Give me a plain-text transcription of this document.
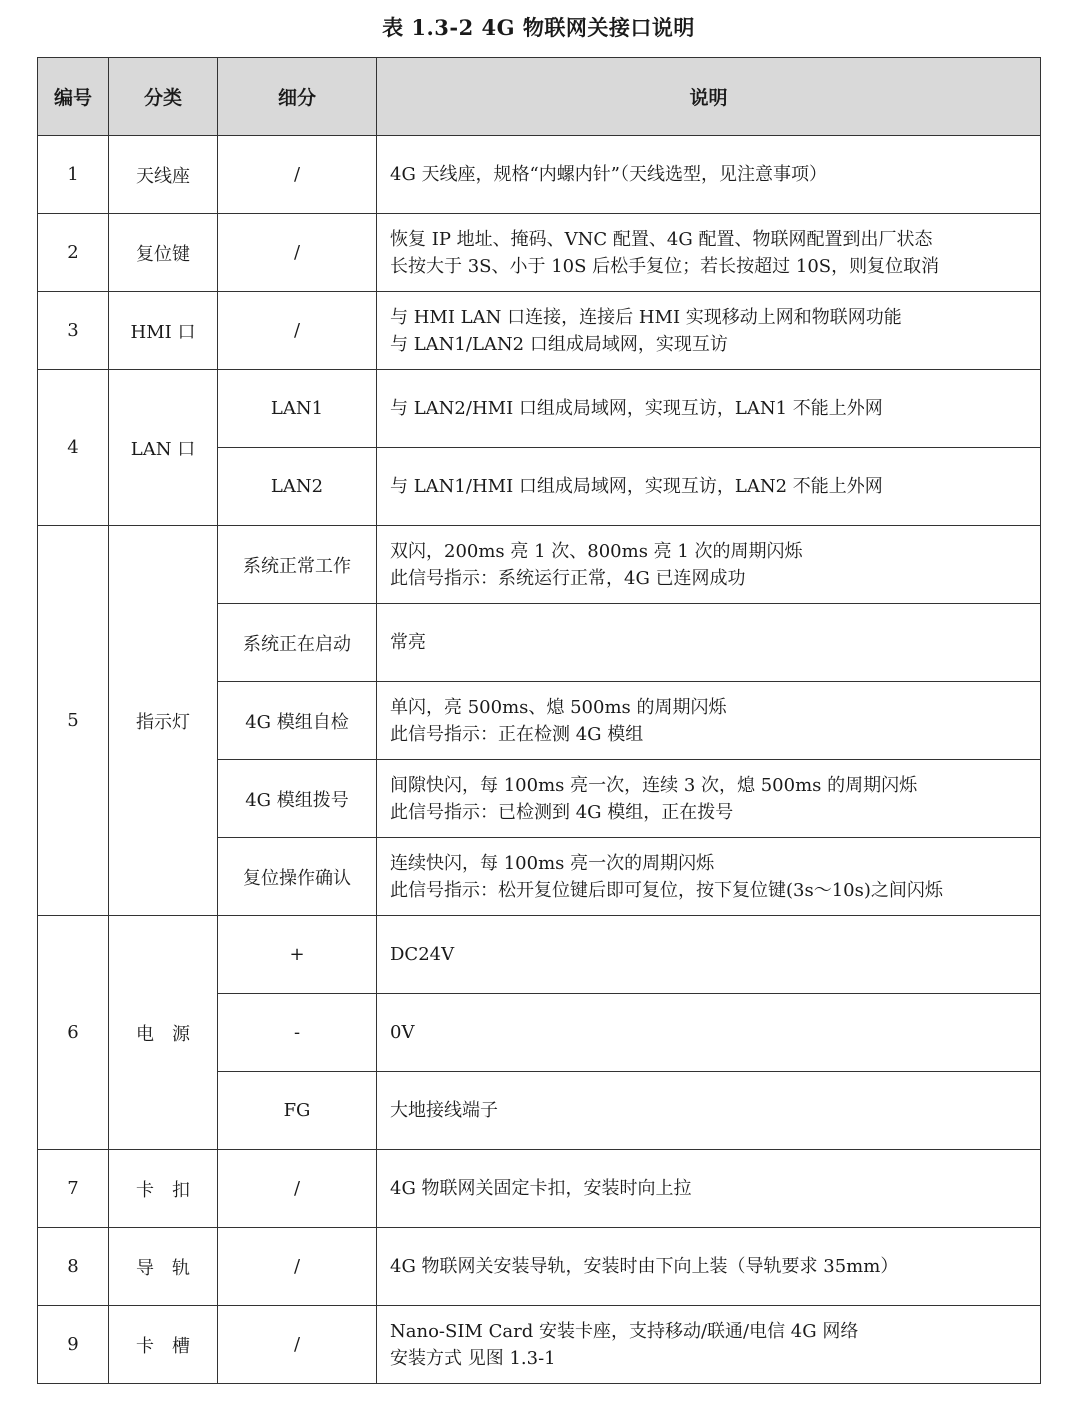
表 1.3-2 4G 物联网关接口说明
编号	分类	细分	说明
1	天线座	/	4G 天线座，规格“内螺内针”（天线选型，见注意事项）

2	复位键	/	恢复 IP 地址、掩码、VNC 配置、4G 配置、物联网配置到出厂状态
长按大于 3S、小于 10S 后松手复位；若长按超过 10S，则复位取消

3	HMI 口	/	与 HMI LAN 口连接，连接后 HMI 实现移动上网和物联网功能
与 LAN1/LAN2 口组成局域网，实现互访

4	LAN 口	LAN1	与 LAN2/HMI 口组成局域网，实现互访，LAN1 不能上外网

		LAN2	与 LAN1/HMI 口组成局域网，实现互访，LAN2 不能上外网

5	指示灯	系统正常工作	双闪，200ms 亮 1 次、800ms 亮 1 次的周期闪烁
此信号指示：系统运行正常，4G 已连网成功

		系统正在启动	常亮

		4G 模组自检	单闪，亮 500ms、熄 500ms 的周期闪烁
此信号指示：正在检测 4G 模组

		4G 模组拨号	间隙快闪，每 100ms 亮一次，连续 3 次，熄 500ms 的周期闪烁
此信号指示：已检测到 4G 模组，正在拨号

		复位操作确认	连续快闪，每 100ms 亮一次的周期闪烁
此信号指示：松开复位键后即可复位，按下复位键(3s～10s)之间闪烁

6	电　源	+	DC24V

		-	0V

		FG	大地接线端子

7	卡　扣	/	4G 物联网关固定卡扣，安装时向上拉

8	导　轨	/	4G 物联网关安装导轨，安装时由下向上装（导轨要求 35mm）

9	卡　槽	/	Nano-SIM Card 安装卡座，支持移动/联通/电信 4G 网络
安装方式 见图 1.3-1
